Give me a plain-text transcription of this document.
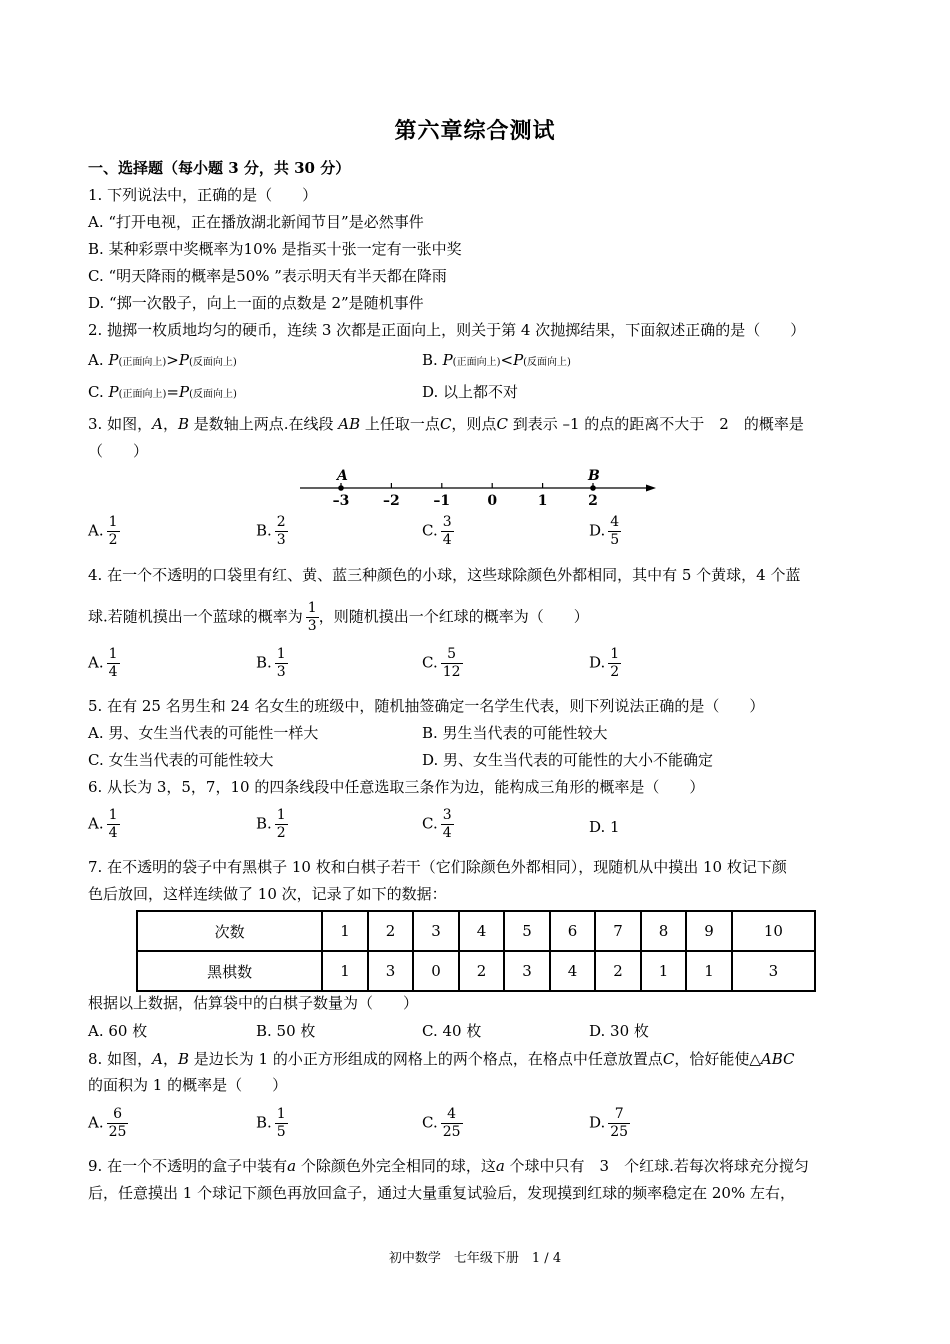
第六章综合测试
一、选择题（每小题 3 分，共 30 分）
1. 下列说法中，正确的是（　　）
A. “打开电视，正在播放湖北新闻节目”是必然事件
B. 某种彩票中奖概率为10% 是指买十张一定有一张中奖
C. “明天降雨的概率是50% ”表示明天有半天都在降雨
D. “掷一次骰子，向上一面的点数是 2”是随机事件
2. 抛掷一枚质地均匀的硬币，连续 3 次都是正面向上，则关于第 4 次抛掷结果，下面叙述正确的是（　　）
A. P(正面向上)>P(反面向上)	B. P(正面向上)<P(反面向上)
C. P(正面向上)=P(反面向上)	D. 以上都不对
3. 如图，A，B 是数轴上两点.在线段 AB 上任取一点C，则点C 到表示 –1 的点的距离不大于　2　的概率是
（　　）
–3 –2 –1	0	1	2
A	B
A. $\frac{1}{2}$	B. $\frac{2}{3}$	C. $\frac{3}{4}$	D. $\frac{4}{5}$
4. 在一个不透明的口袋里有红、黄、蓝三种颜色的小球，这些球除颜色外都相同，其中有 5 个黄球，4 个蓝
球.若随机摸出一个蓝球的概率为 $\frac{1}{3}$ ，则随机摸出一个红球的概率为（　　）
A. $\frac{1}{4}$	B. $\frac{1}{3}$	C. $\frac{5}{12}$	D. $\frac{1}{2}$
5. 在有 25 名男生和 24 名女生的班级中，随机抽签确定一名学生代表，则下列说法正确的是（　　）
A. 男、女生当代表的可能性一样大	B. 男生当代表的可能性较大
C. 女生当代表的可能性较大	D. 男、女生当代表的可能性的大小不能确定
6. 从长为 3，5，7，10 的四条线段中任意选取三条作为边，能构成三角形的概率是（　　）
A. $\frac{1}{4}$	B. $\frac{1}{2}$	C. $\frac{3}{4}$	D. 1
7. 在不透明的袋子中有黑棋子 10 枚和白棋子若干（它们除颜色外都相同），现随机从中摸出 10 枚记下颜
色后放回，这样连续做了 10 次，记录了如下的数据：
次数	1	2	3	4	5	6	7	8	9	10
黑棋数	1	3	0	2	3	4	2	1	1	3
根据以上数据，估算袋中的白棋子数量为（　　）
A. 60 枚	B. 50 枚	C. 40 枚	D. 30 枚
8. 如图，A，B 是边长为 1 的小正方形组成的网格上的两个格点，在格点中任意放置点C，恰好能使△ABC
的面积为 1 的概率是（　　）
A. $\frac{6}{25}$	B. $\frac{1}{5}$	C. $\frac{4}{25}$	D. $\frac{7}{25}$
9. 在一个不透明的盒子中装有a 个除颜色外完全相同的球，这a 个球中只有　3　个红球.若每次将球充分搅匀
后，任意摸出 1 个球记下颜色再放回盒子，通过大量重复试验后，发现摸到红球的频率稳定在 20% 左右，
初中数学　七年级下册　1 / 4
